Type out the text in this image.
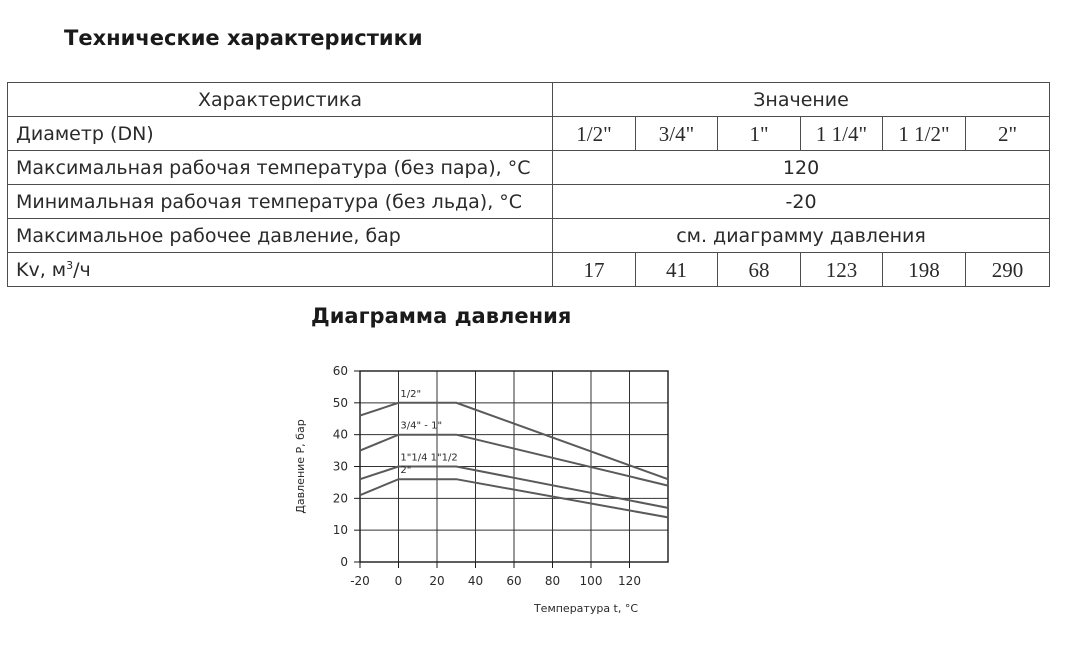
Технические характеристики
Характеристика	Значение					
Диаметр (DN)	1/2"	3/4"	1"	1 1/4"	1 1/2"	2"
Максимальная рабочая температура (без пара), °C	120					
Минимальная рабочая температура (без льда), °C	-20					
Максимальное рабочее давление, бар	см. диаграмму давления					
Kv, $м^3/ч$	17	41	68	123	198	290
Диаграмма давления
-20 0 20 40 60 80 100 120
0
10
20
30
40
50
60
1/2"
3/4" - 1"
1"1/4 1"1/2
2"
Давление P, бар
Температура t, °C
